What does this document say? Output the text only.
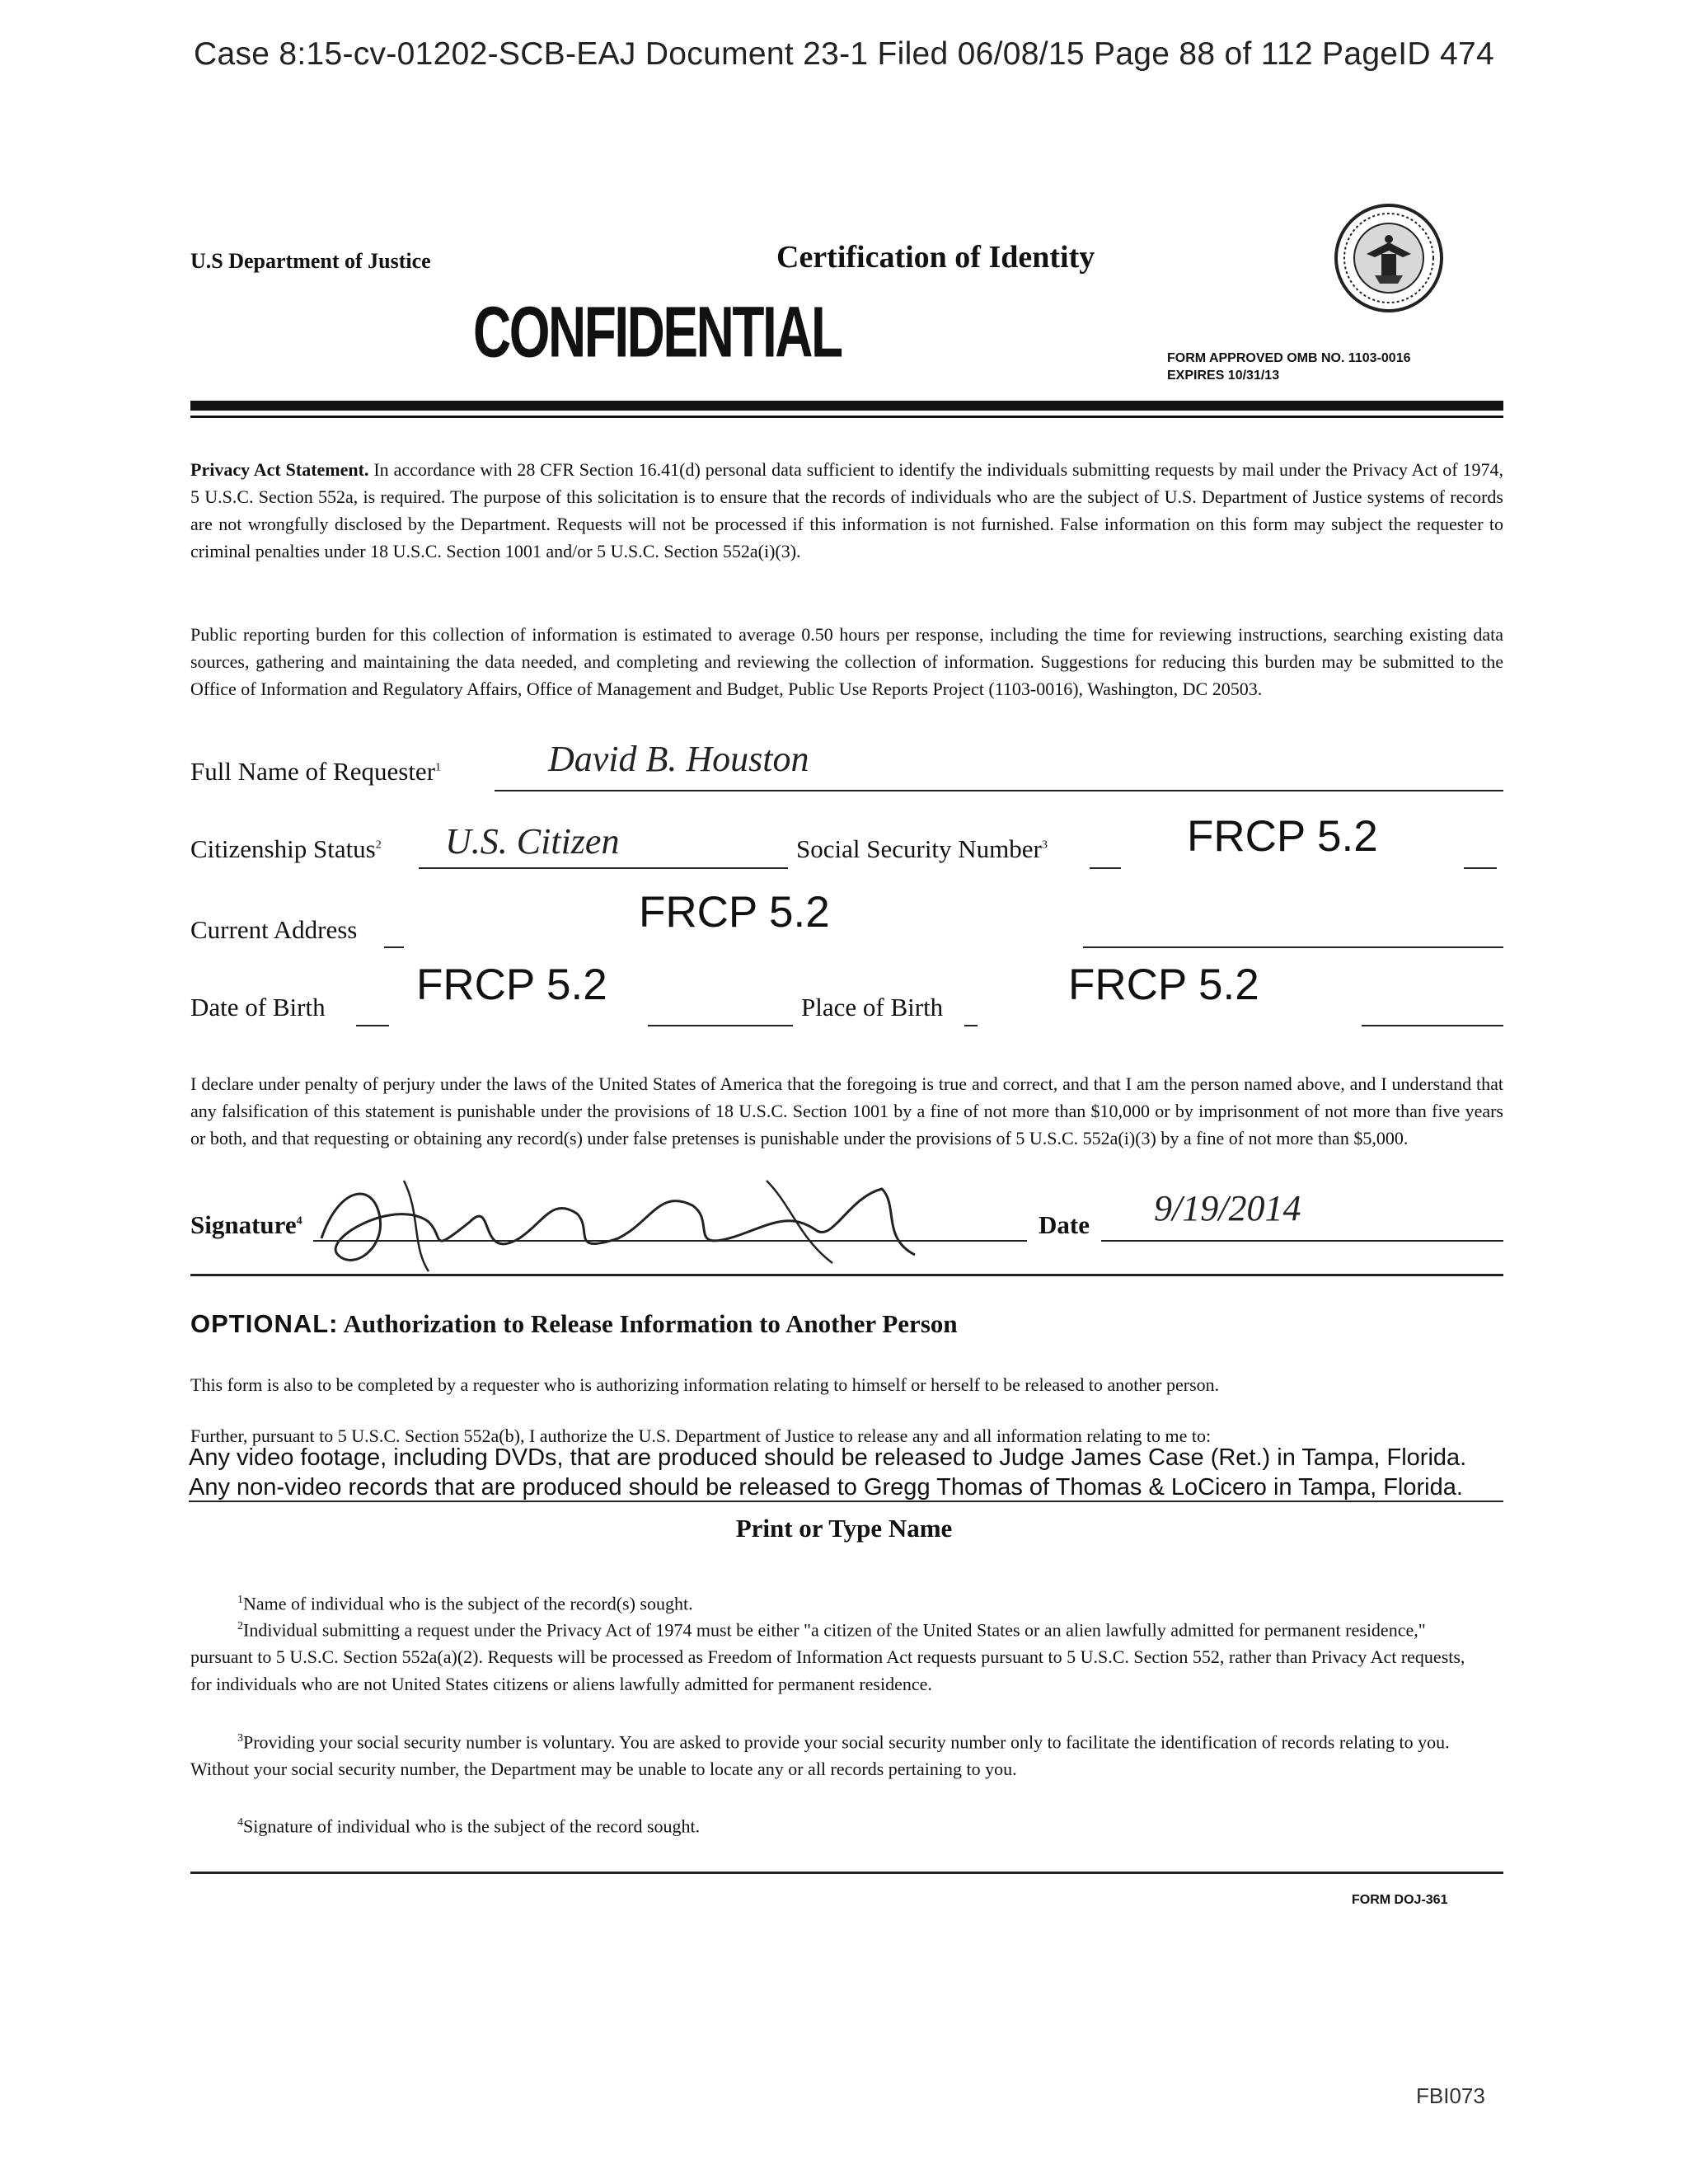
Case 8:15-cv-01202-SCB-EAJ Document 23-1 Filed 06/08/15 Page 88 of 112 PageID 474
U.S Department of Justice	Certification of Identity
CONFIDENTIAL	FORM APPROVED OMB NO. 1103-0016
EXPIRES 10/31/13
Privacy Act Statement. In accordance with 28 CFR Section 16.41(d) personal data sufficient to identify the individuals submitting requests by mail under the Privacy Act of 1974, 5 U.S.C. Section 552a, is required. The purpose of this solicitation is to ensure that the records of individuals who are the subject of U.S. Department of Justice systems of records are not wrongfully disclosed by the Department. Requests will not be processed if this information is not furnished. False information on this form may subject the requester to criminal penalties under 18 U.S.C. Section 1001 and/or 5 U.S.C. Section 552a(i)(3).
Public reporting burden for this collection of information is estimated to average 0.50 hours per response, including the time for reviewing instructions, searching existing data sources, gathering and maintaining the data needed, and completing and reviewing the collection of information. Suggestions for reducing this burden may be submitted to the Office of Information and Regulatory Affairs, Office of Management and Budget, Public Use Reports Project (1103-0016), Washington, DC 20503.
Full Name of Requester$^1$	David B. Houston
Citizenship Status$^2$ U.S. Citizen	Social Security Number$^3$	FRCP 5.2
Current Address	FRCP 5.2
Date of Birth FRCP 5.2	Place of Birth	FRCP 5.2
I declare under penalty of perjury under the laws of the United States of America that the foregoing is true and correct, and that I am the person named above, and I understand that any falsification of this statement is punishable under the provisions of 18 U.S.C. Section 1001 by a fine of not more than $10,000 or by imprisonment of not more than five years or both, and that requesting or obtaining any record(s) under false pretenses is punishable under the provisions of 5 U.S.C. 552a(i)(3) by a fine of not more than $5,000.
Signature$^4$	Date 9/19/2014
OPTIONAL: Authorization to Release Information to Another Person
This form is also to be completed by a requester who is authorizing information relating to himself or herself to be released to another person.
Further, pursuant to 5 U.S.C. Section 552a(b), I authorize the U.S. Department of Justice to release any and all information relating to me to:
Any video footage, including DVDs, that are produced should be released to Judge James Case (Ret.) in Tampa, Florida.
Any non-video records that are produced should be released to Gregg Thomas of Thomas & LoCicero in Tampa, Florida.
Print or Type Name
$^1$Name of individual who is the subject of the record(s) sought.
$^2$Individual submitting a request under the Privacy Act of 1974 must be either "a citizen of the United States or an alien lawfully admitted for permanent residence," pursuant to 5 U.S.C. Section 552a(a)(2). Requests will be processed as Freedom of Information Act requests pursuant to 5 U.S.C. Section 552, rather than Privacy Act requests, for individuals who are not United States citizens or aliens lawfully admitted for permanent residence.
$^3$Providing your social security number is voluntary. You are asked to provide your social security number only to facilitate the identification of records relating to you. Without your social security number, the Department may be unable to locate any or all records pertaining to you.
$^4$Signature of individual who is the subject of the record sought.
FORM DOJ-361
FBI073
